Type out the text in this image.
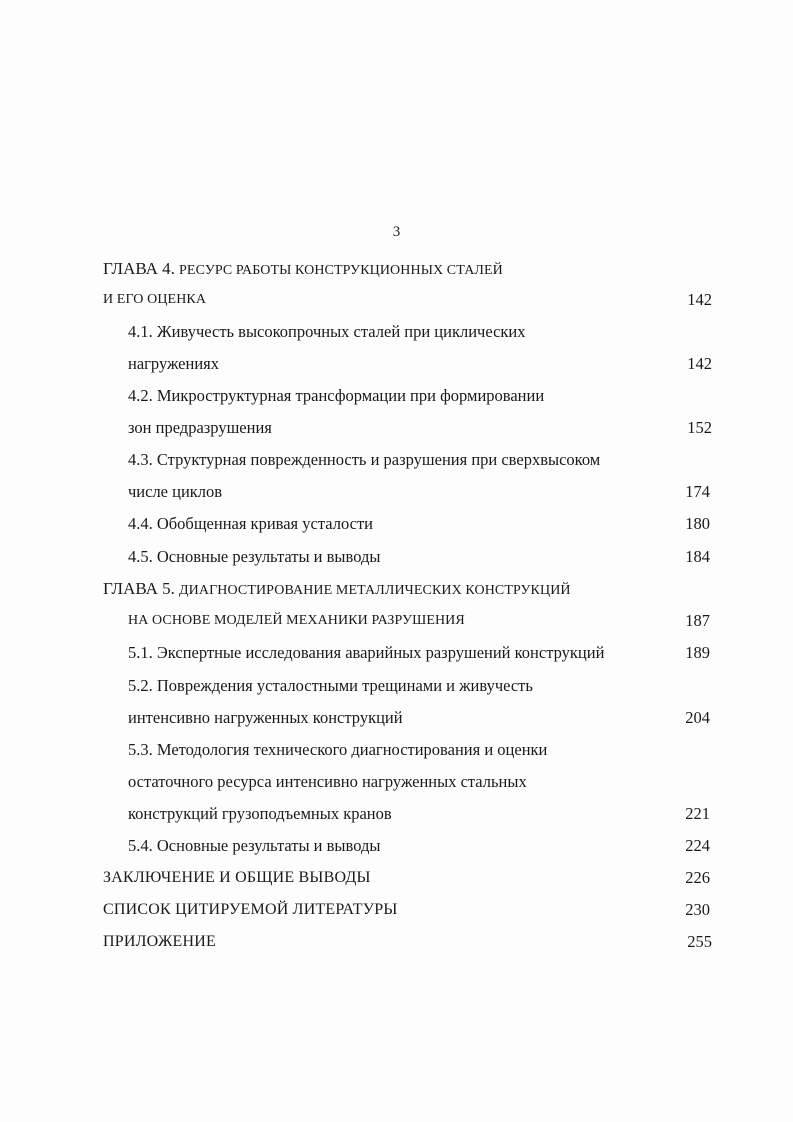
3
ГЛАВА 4. РЕСУРС РАБОТЫ КОНСТРУКЦИОННЫХ СТАЛЕЙ
И ЕГО ОЦЕНКА	142
4.1. Живучесть высокопрочных сталей при циклических
нагружениях	142
4.2. Микроструктурная трансформации при формировании
зон предразрушения	152
4.3. Структурная поврежденность и разрушения при сверхвысоком
числе циклов	174
4.4. Обобщенная кривая усталости	180
4.5. Основные результаты и выводы	184
ГЛАВА 5. ДИАГНОСТИРОВАНИЕ МЕТАЛЛИЧЕСКИХ КОНСТРУКЦИЙ
НА ОСНОВЕ МОДЕЛЕЙ МЕХАНИКИ РАЗРУШЕНИЯ	187
5.1. Экспертные исследования аварийных разрушений конструкций	189
5.2. Повреждения усталостными трещинами и живучесть
интенсивно нагруженных конструкций	204
5.3. Методология технического диагностирования и оценки
остаточного ресурса интенсивно нагруженных стальных
конструкций грузоподъемных кранов	221
5.4. Основные результаты и выводы	224
ЗАКЛЮЧЕНИЕ И ОБЩИЕ ВЫВОДЫ	226
СПИСОК ЦИТИРУЕМОЙ ЛИТЕРАТУРЫ	230
ПРИЛОЖЕНИЕ	255
